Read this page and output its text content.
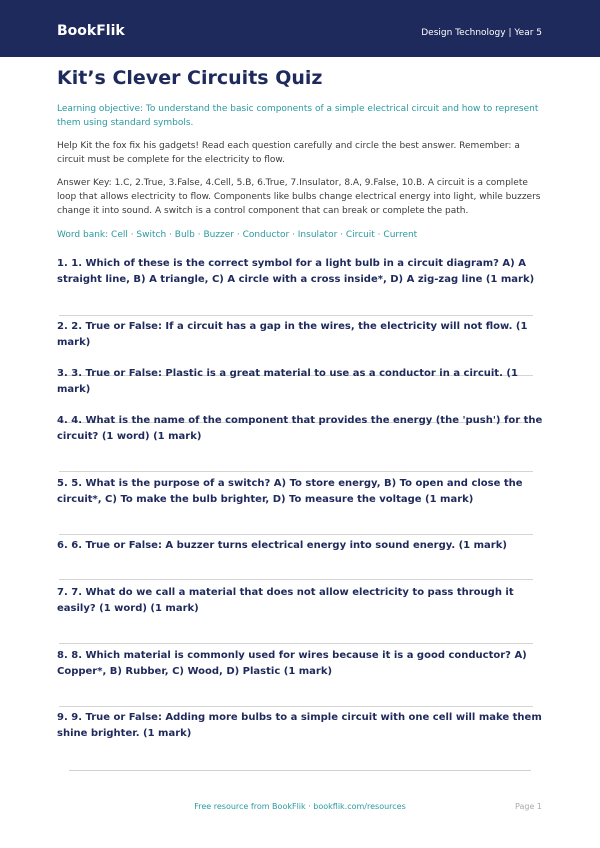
BookFlik	Design Technology | Year 5
Kit’s Clever Circuits Quiz
Learning objective: To understand the basic components of a simple electrical circuit and how to represent them using standard symbols.
Help Kit the fox fix his gadgets! Read each question carefully and circle the best answer. Remember: a circuit must be complete for the electricity to flow.
Answer Key: 1.C, 2.True, 3.False, 4.Cell, 5.B, 6.True, 7.Insulator, 8.A, 9.False, 10.B. A circuit is a complete loop that allows electricity to flow. Components like bulbs change electrical energy into light, while buzzers change it into sound. A switch is a control component that can break or complete the path.
Word bank: Cell · Switch · Bulb · Buzzer · Conductor · Insulator · Circuit · Current

1. 1. Which of these is the correct symbol for a light bulb in a circuit diagram? A) A straight line, B) A triangle, C) A circle with a cross inside*, D) A zig-zag line (1 mark)

2. 2. True or False: If a circuit has a gap in the wires, the electricity will not flow. (1 mark)

3. 3. True or False: Plastic is a great material to use as a conductor in a circuit. (1 mark)

4. 4. What is the name of the component that provides the energy (the 'push') for the circuit? (1 word) (1 mark)

5. 5. What is the purpose of a switch? A) To store energy, B) To open and close the circuit*, C) To make the bulb brighter, D) To measure the voltage (1 mark)

6. 6. True or False: A buzzer turns electrical energy into sound energy. (1 mark)

7. 7. What do we call a material that does not allow electricity to pass through it easily? (1 word) (1 mark)

8. 8. Which material is commonly used for wires because it is a good conductor? A) Copper*, B) Rubber, C) Wood, D) Plastic (1 mark)

9. 9. True or False: Adding more bulbs to a simple circuit with one cell will make them shine brighter. (1 mark)

Free resource from BookFlik · bookflik.com/resources	Page 1
